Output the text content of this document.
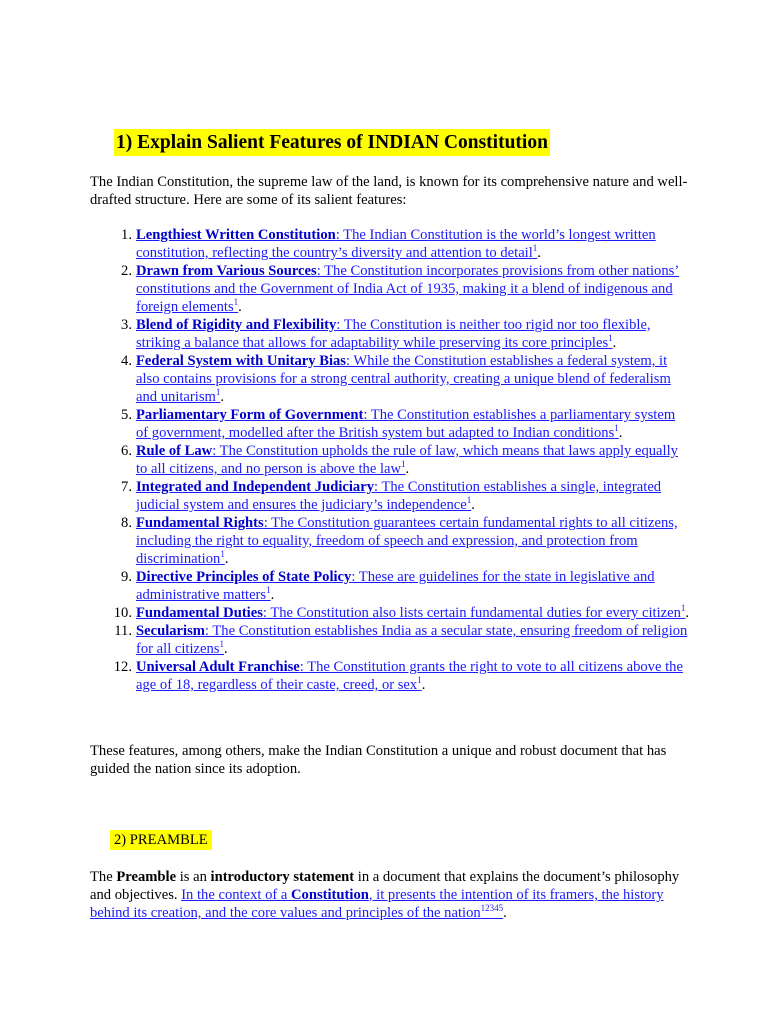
1) Explain Salient Features of INDIAN Constitution

The Indian Constitution, the supreme law of the land, is known for its comprehensive nature and well-drafted structure. Here are some of its salient features:

1. Lengthiest Written Constitution: The Indian Constitution is the world’s longest written constitution, reflecting the country’s diversity and attention to detail$^1$.
2. Drawn from Various Sources: The Constitution incorporates provisions from other nations’ constitutions and the Government of India Act of 1935, making it a blend of indigenous and foreign elements$^1$.
3. Blend of Rigidity and Flexibility: The Constitution is neither too rigid nor too flexible, striking a balance that allows for adaptability while preserving its core principles$^1$.
4. Federal System with Unitary Bias: While the Constitution establishes a federal system, it also contains provisions for a strong central authority, creating a unique blend of federalism and unitarism$^1$.
5. Parliamentary Form of Government: The Constitution establishes a parliamentary system of government, modelled after the British system but adapted to Indian conditions$^1$.
6. Rule of Law: The Constitution upholds the rule of law, which means that laws apply equally to all citizens, and no person is above the law$^1$.
7. Integrated and Independent Judiciary: The Constitution establishes a single, integrated judicial system and ensures the judiciary’s independence$^1$.
8. Fundamental Rights: The Constitution guarantees certain fundamental rights to all citizens, including the right to equality, freedom of speech and expression, and protection from discrimination$^1$.
9. Directive Principles of State Policy: These are guidelines for the state in legislative and administrative matters$^1$.
10. Fundamental Duties: The Constitution also lists certain fundamental duties for every citizen$^1$.
11. Secularism: The Constitution establishes India as a secular state, ensuring freedom of religion for all citizens$^1$.
12. Universal Adult Franchise: The Constitution grants the right to vote to all citizens above the age of 18, regardless of their caste, creed, or sex$^1$.

These features, among others, make the Indian Constitution a unique and robust document that has guided the nation since its adoption.

2) PREAMBLE

The Preamble is an introductory statement in a document that explains the document’s philosophy and objectives. In the context of a Constitution, it presents the intention of its framers, the history behind its creation, and the core values and principles of the nation$^{12345}$.
